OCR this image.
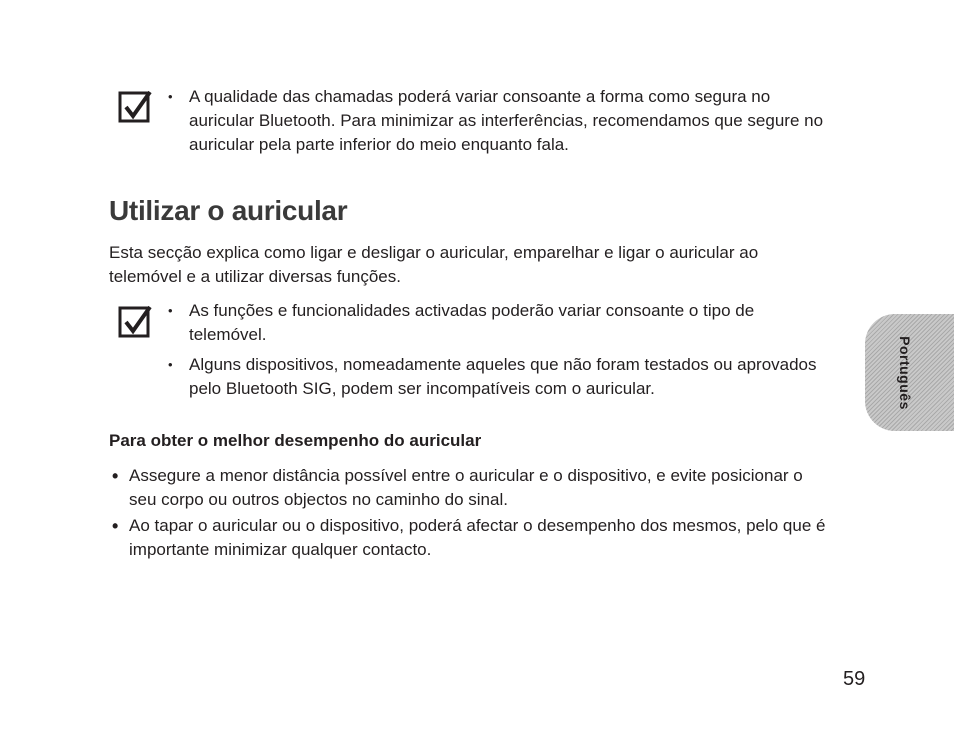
• A qualidade das chamadas poderá variar consoante a forma como segura no auricular Bluetooth. Para minimizar as interferências, recomendamos que segure no auricular pela parte inferior do meio enquanto fala.
Utilizar o auricular

Esta secção explica como ligar e desligar o auricular, emparelhar e ligar o auricular ao telemóvel e a utilizar diversas funções.

• As funções e funcionalidades activadas poderão variar consoante o tipo de telemóvel.
• Alguns dispositivos, nomeadamente aqueles que não foram testados ou aprovados pelo Bluetooth SIG, podem ser incompatíveis com o auricular.
Para obter o melhor desempenho do auricular
• Assegure a menor distância possível entre o auricular e o dispositivo, e evite posicionar o seu corpo ou outros objectos no caminho do sinal.
• Ao tapar o auricular ou o dispositivo, poderá afectar o desempenho dos mesmos, pelo que é importante minimizar qualquer contacto.
Português
59
